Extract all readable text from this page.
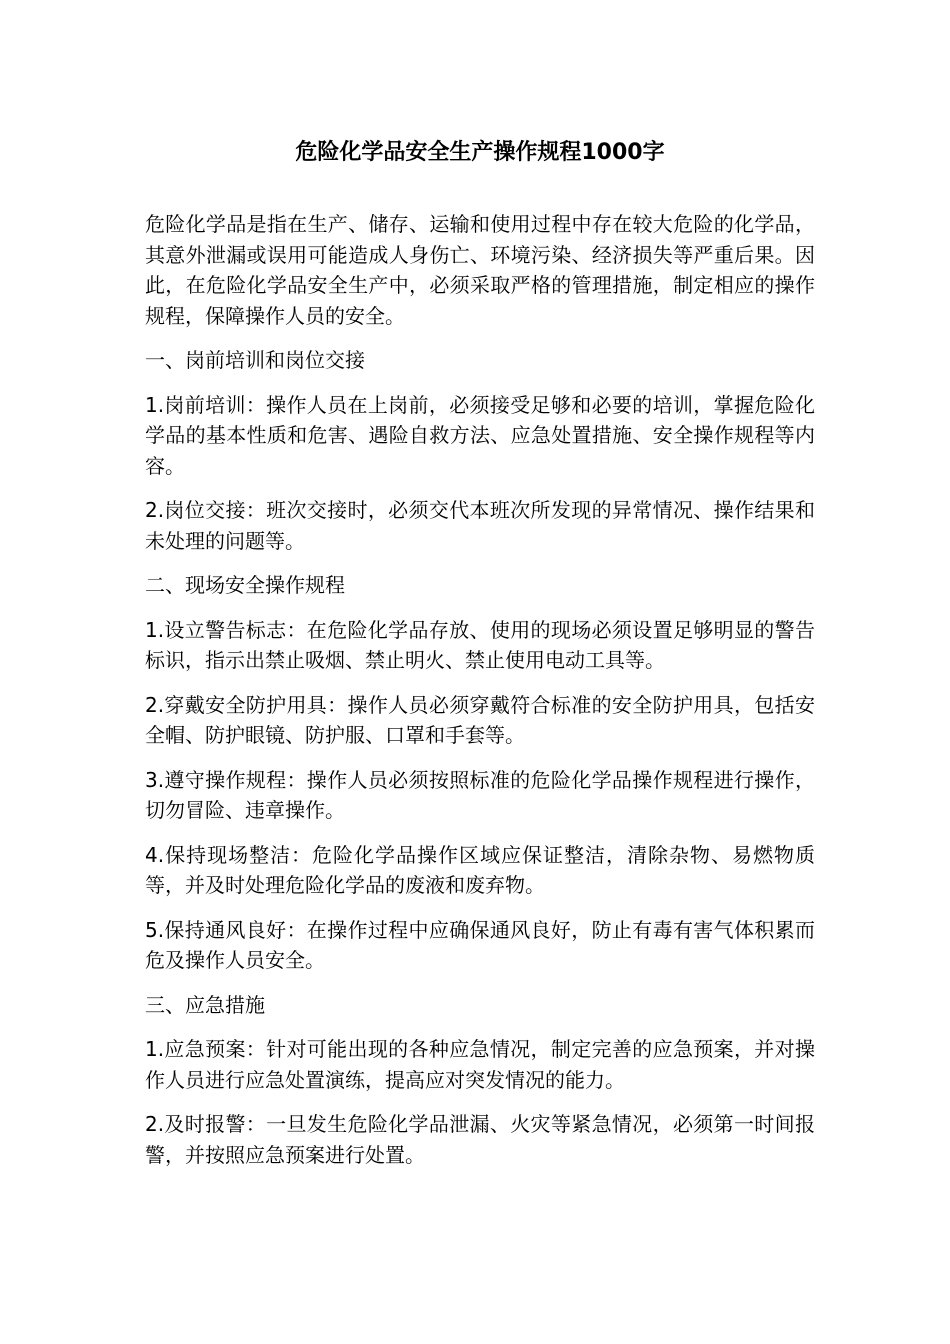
危险化学品安全生产操作规程1000字

危险化学品是指在生产、储存、运输和使用过程中存在较大危险的化学品，其意外泄漏或误用可能造成人身伤亡、环境污染、经济损失等严重后果。因此，在危险化学品安全生产中，必须采取严格的管理措施，制定相应的操作规程，保障操作人员的安全。

一、岗前培训和岗位交接

1.岗前培训：操作人员在上岗前，必须接受足够和必要的培训，掌握危险化学品的基本性质和危害、遇险自救方法、应急处置措施、安全操作规程等内容。

2.岗位交接：班次交接时，必须交代本班次所发现的异常情况、操作结果和未处理的问题等。

二、现场安全操作规程

1.设立警告标志：在危险化学品存放、使用的现场必须设置足够明显的警告标识，指示出禁止吸烟、禁止明火、禁止使用电动工具等。

2.穿戴安全防护用具：操作人员必须穿戴符合标准的安全防护用具，包括安全帽、防护眼镜、防护服、口罩和手套等。

3.遵守操作规程：操作人员必须按照标准的危险化学品操作规程进行操作，切勿冒险、违章操作。

4.保持现场整洁：危险化学品操作区域应保证整洁，清除杂物、易燃物质等，并及时处理危险化学品的废液和废弃物。

5.保持通风良好：在操作过程中应确保通风良好，防止有毒有害气体积累而危及操作人员安全。

三、应急措施

1.应急预案：针对可能出现的各种应急情况，制定完善的应急预案，并对操作人员进行应急处置演练，提高应对突发情况的能力。

2.及时报警：一旦发生危险化学品泄漏、火灾等紧急情况，必须第一时间报警，并按照应急预案进行处置。
